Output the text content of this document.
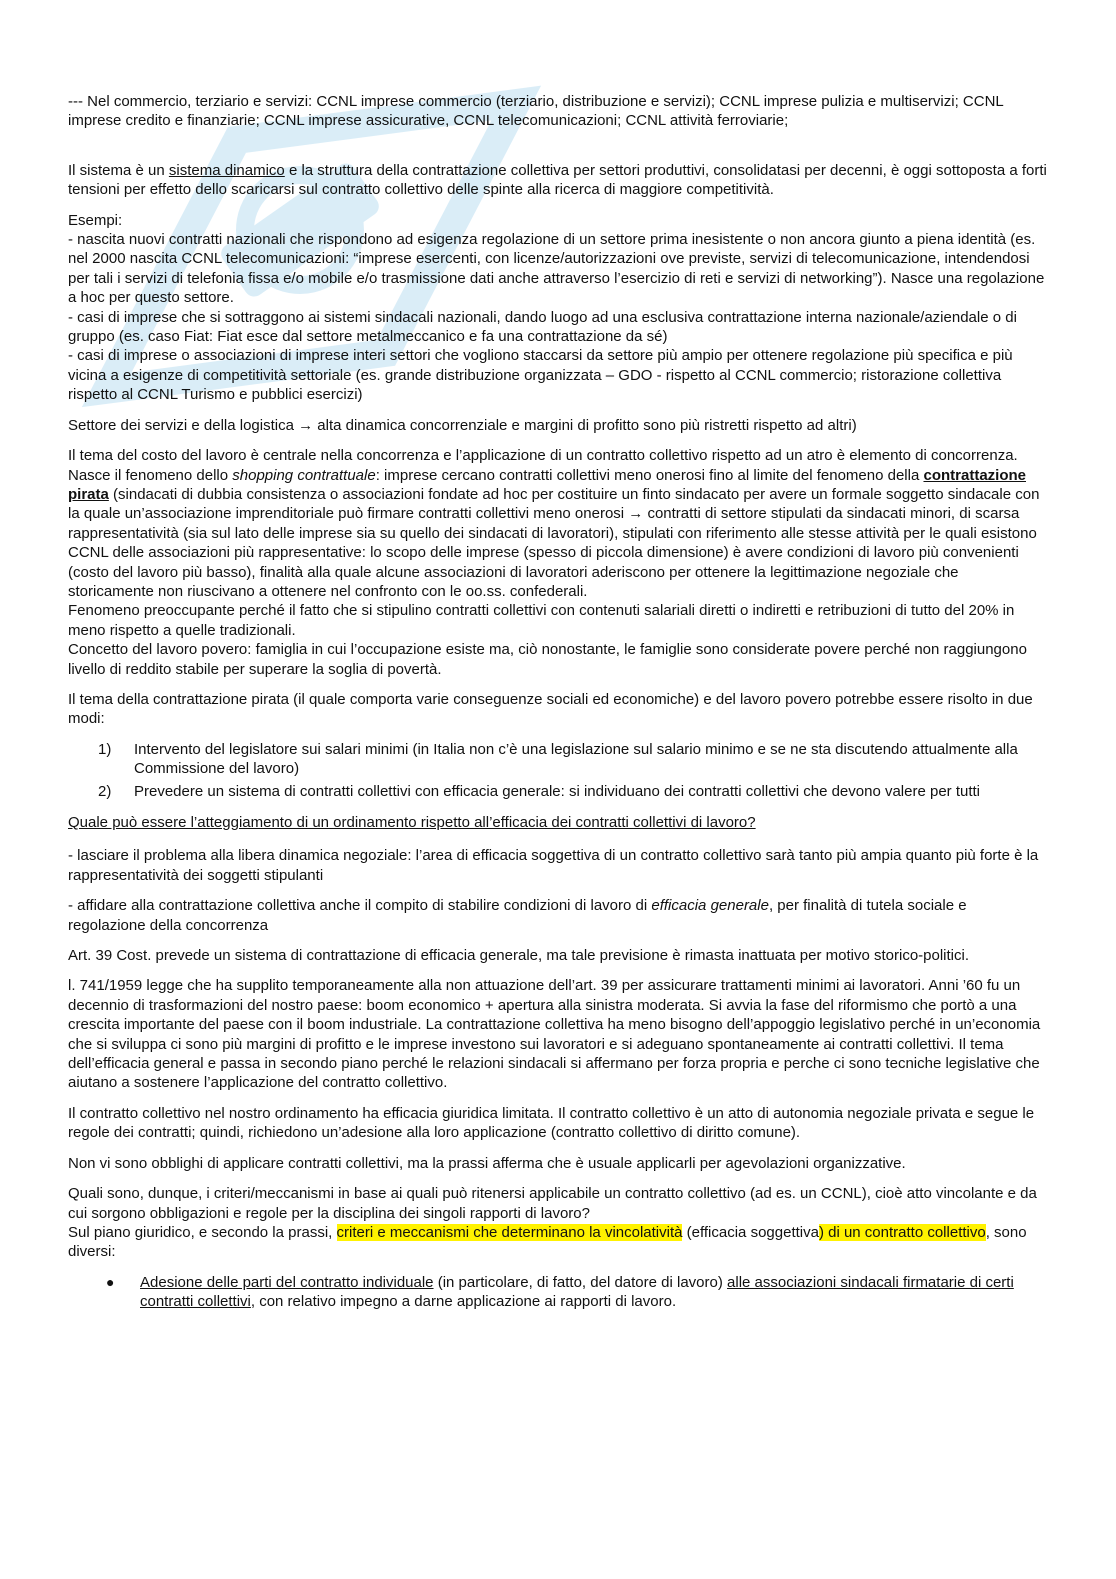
--- Nel commercio, terziario e servizi: CCNL imprese commercio (terziario, distribuzione e servizi); CCNL imprese pulizia e multiservizi; CCNL imprese credito e finanziarie; CCNL imprese assicurative, CCNL telecomunicazioni; CCNL attività ferroviarie;

Il sistema è un sistema dinamico e la struttura della contrattazione collettiva per settori produttivi, consolidatasi per decenni, è oggi sottoposta a forti tensioni per effetto dello scaricarsi sul contratto collettivo delle spinte alla ricerca di maggiore competitività.

Esempi:
- nascita nuovi contratti nazionali che rispondono ad esigenza regolazione di un settore prima inesistente o non ancora giunto a piena identità (es. nel 2000 nascita CCNL telecomunicazioni: “imprese esercenti, con licenze/autorizzazioni ove previste, servizi di telecomunicazione, intendendosi per tali i servizi di telefonia fissa e/o mobile e/o trasmissione dati anche attraverso l’esercizio di reti e servizi di networking”). Nasce una regolazione a hoc per questo settore.
- casi di imprese che si sottraggono ai sistemi sindacali nazionali, dando luogo ad una esclusiva contrattazione interna nazionale/aziendale o di gruppo (es. caso Fiat: Fiat esce dal settore metalmeccanico e fa una contrattazione da sé)
- casi di imprese o associazioni di imprese interi settori che vogliono staccarsi da settore più ampio per ottenere regolazione più specifica e più vicina a esigenze di competitività settoriale (es. grande distribuzione organizzata – GDO - rispetto al CCNL commercio; ristorazione collettiva rispetto al CCNL Turismo e pubblici esercizi)

Settore dei servizi e della logistica → alta dinamica concorrenziale e margini di profitto sono più ristretti rispetto ad altri)

Il tema del costo del lavoro è centrale nella concorrenza e l’applicazione di un contratto collettivo rispetto ad un atro è elemento di concorrenza. Nasce il fenomeno dello shopping contrattuale: imprese cercano contratti collettivi meno onerosi fino al limite del fenomeno della contrattazione pirata (sindacati di dubbia consistenza o associazioni fondate ad hoc per costituire un finto sindacato per avere un formale soggetto sindacale con la quale un’associazione imprenditoriale può firmare contratti collettivi meno onerosi → contratti di settore stipulati da sindacati minori, di scarsa rappresentatività (sia sul lato delle imprese sia su quello dei sindacati di lavoratori), stipulati con riferimento alle stesse attività per le quali esistono CCNL delle associazioni più rappresentative: lo scopo delle imprese (spesso di piccola dimensione) è avere condizioni di lavoro più convenienti (costo del lavoro più basso), finalità alla quale alcune associazioni di lavoratori aderiscono per ottenere la legittimazione negoziale che storicamente non riuscivano a ottenere nel confronto con le oo.ss. confederali.
Fenomeno preoccupante perché il fatto che si stipulino contratti collettivi con contenuti salariali diretti o indiretti e retribuzioni di tutto del 20% in meno rispetto a quelle tradizionali.
Concetto del lavoro povero: famiglia in cui l’occupazione esiste ma, ciò nonostante, le famiglie sono considerate povere perché non raggiungono livello di reddito stabile per superare la soglia di povertà.

Il tema della contrattazione pirata (il quale comporta varie conseguenze sociali ed economiche) e del lavoro povero potrebbe essere risolto in due modi:

1)	Intervento del legislatore sui salari minimi (in Italia non c’è una legislazione sul salario minimo e se ne sta discutendo attualmente alla Commissione del lavoro)
2)	Prevedere un sistema di contratti collettivi con efficacia generale: si individuano dei contratti collettivi che devono valere per tutti

Quale può essere l’atteggiamento di un ordinamento rispetto all’efficacia dei contratti collettivi di lavoro?

- lasciare il problema alla libera dinamica negoziale: l’area di efficacia soggettiva di un contratto collettivo sarà tanto più ampia quanto più forte è la rappresentatività dei soggetti stipulanti

- affidare alla contrattazione collettiva anche il compito di stabilire condizioni di lavoro di efficacia generale, per finalità di tutela sociale e regolazione della concorrenza

Art. 39 Cost. prevede un sistema di contrattazione di efficacia generale, ma tale previsione è rimasta inattuata per motivo storico-politici.

l. 741/1959 legge che ha supplito temporaneamente alla non attuazione dell’art. 39 per assicurare trattamenti minimi ai lavoratori. Anni ’60 fu un decennio di trasformazioni del nostro paese: boom economico + apertura alla sinistra moderata. Si avvia la fase del riformismo che portò a una crescita importante del paese con il boom industriale. La contrattazione collettiva ha meno bisogno dell’appoggio legislativo perché in un’economia che si sviluppa ci sono più margini di profitto e le imprese investono sui lavoratori e si adeguano spontaneamente ai contratti collettivi. Il tema dell’efficacia general e passa in secondo piano perché le relazioni sindacali si affermano per forza propria e perche ci sono tecniche legislative che aiutano a sostenere l’applicazione del contratto collettivo.

Il contratto collettivo nel nostro ordinamento ha efficacia giuridica limitata. Il contratto collettivo è un atto di autonomia negoziale privata e segue le regole dei contratti; quindi, richiedono un’adesione alla loro applicazione (contratto collettivo di diritto comune).

Non vi sono obblighi di applicare contratti collettivi, ma la prassi afferma che è usuale applicarli per agevolazioni organizzative.

Quali sono, dunque, i criteri/meccanismi in base ai quali può ritenersi applicabile un contratto collettivo (ad es. un CCNL), cioè atto vincolante e da cui sorgono obbligazioni e regole per la disciplina dei singoli rapporti di lavoro?
Sul piano giuridico, e secondo la prassi, criteri e meccanismi che determinano la vincolatività (efficacia soggettiva) di un contratto collettivo, sono diversi:

●	Adesione delle parti del contratto individuale (in particolare, di fatto, del datore di lavoro) alle associazioni sindacali firmatarie di certi contratti collettivi, con relativo impegno a darne applicazione ai rapporti di lavoro.
